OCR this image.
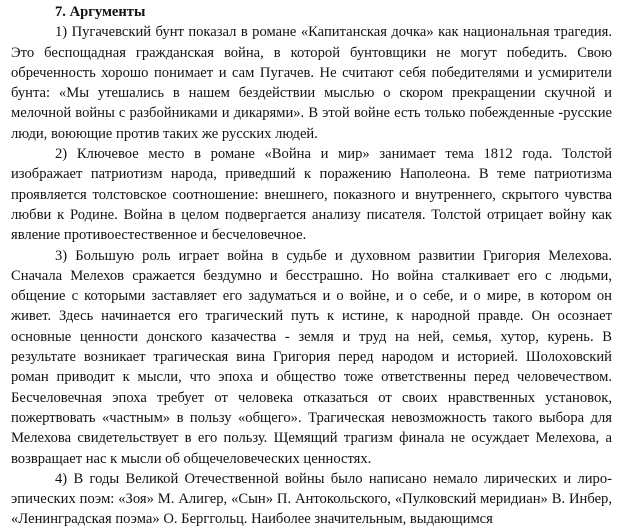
7. Аргументы

1) Пугачевский бунт показал в романе «Капитанская дочка» как национальная трагедия. Это беспощадная гражданская война, в которой бунтовщики не могут победить. Свою обреченность хорошо понимает и сам Пугачев. Не считают себя победителями и усмирители бунта: «Мы утешались в нашем бездействии мыслью о скором прекращении скучной и мелочной войны с разбойниками и дикарями». В этой войне есть только побежденные -русские люди, воюющие против таких же русских людей.

2) Ключевое место в романе «Война и мир» занимает тема 1812 года. Толстой изображает патриотизм народа, приведший к поражению Наполеона. В теме патриотизма проявляется толстовское соотношение: внешнего, показного и внутреннего, скрытого чувства любви к Родине. Война в целом подвергается анализу писателя. Толстой отрицает войну как явление противоестественное и бесчеловечное.

3) Большую роль играет война в судьбе и духовном развитии Григория Мелехова. Сначала Мелехов сражается бездумно и бесстрашно. Но война сталкивает его с людьми, общение с которыми заставляет его задуматься и о войне, и о себе, и о мире, в котором он живет. Здесь начинается его трагический путь к истине, к народной правде. Он осознает основные ценности донского казачества - земля и труд на ней, семья, хутор, курень. В результате возникает трагическая вина Григория перед народом и историей. Шолоховский роман приводит к мысли, что эпоха и общество тоже ответственны перед человечеством. Бесчеловечная эпоха требует от человека отказаться от своих нравственных установок, пожертвовать «частным» в пользу «общего». Трагическая невозможность такого выбора для Мелехова свидетельствует в его пользу. Щемящий трагизм финала не осуждает Мелехова, а возвращает нас к мысли об общечеловеческих ценностях.

4) В годы Великой Отечественной войны было написано немало лирических и лиро-эпических поэм: «Зоя» М. Алигер, «Сын» П. Антокольского, «Пулковский меридиан» В. Инбер, «Ленинградская поэма» О. Берггольц. Наиболее значительным, выдающимся
